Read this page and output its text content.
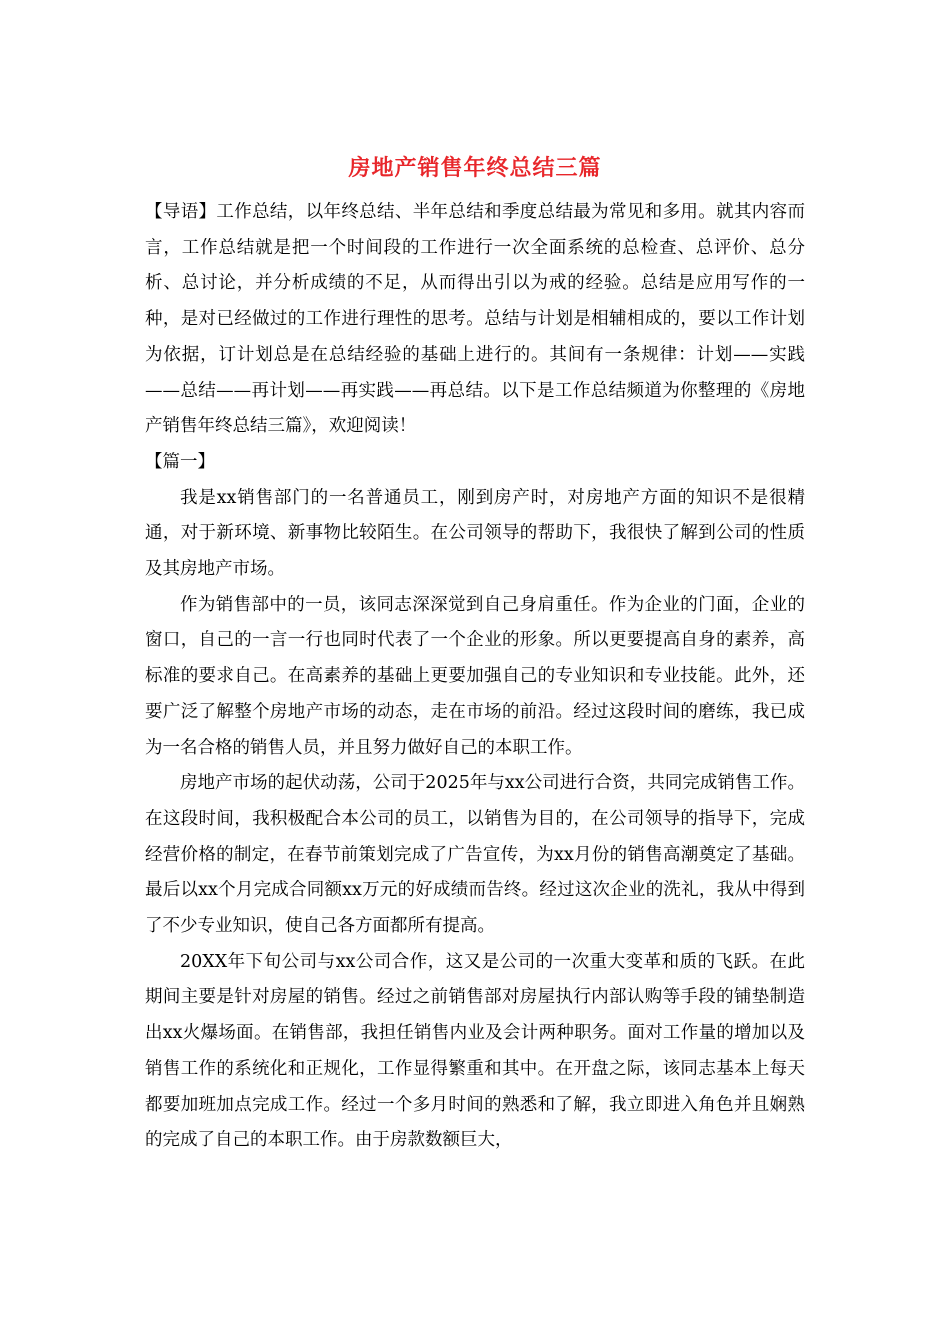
房地产销售年终总结三篇

【导语】工作总结，以年终总结、半年总结和季度总结最为常见和多用。就其内容而言，工作总结就是把一个时间段的工作进行一次全面系统的总检查、总评价、总分析、总讨论，并分析成绩的不足，从而得出引以为戒的经验。总结是应用写作的一种，是对已经做过的工作进行理性的思考。总结与计划是相辅相成的，要以工作计划为依据，订计划总是在总结经验的基础上进行的。其间有一条规律：计划——实践——总结——再计划——再实践——再总结。以下是工作总结频道为你整理的《房地产销售年终总结三篇》，欢迎阅读！

【篇一】

我是xx销售部门的一名普通员工，刚到房产时，对房地产方面的知识不是很精通，对于新环境、新事物比较陌生。在公司领导的帮助下，我很快了解到公司的性质及其房地产市场。

作为销售部中的一员，该同志深深觉到自己身肩重任。作为企业的门面，企业的窗口，自己的一言一行也同时代表了一个企业的形象。所以更要提高自身的素养，高标准的要求自己。在高素养的基础上更要加强自己的专业知识和专业技能。此外，还要广泛了解整个房地产市场的动态，走在市场的前沿。经过这段时间的磨练，我已成为一名合格的销售人员，并且努力做好自己的本职工作。

房地产市场的起伏动荡，公司于2025年与xx公司进行合资，共同完成销售工作。在这段时间，我积极配合本公司的员工，以销售为目的，在公司领导的指导下，完成经营价格的制定，在春节前策划完成了广告宣传，为xx月份的销售高潮奠定了基础。最后以xx个月完成合同额xx万元的好成绩而告终。经过这次企业的洗礼，我从中得到了不少专业知识，使自己各方面都所有提高。

20XX年下旬公司与xx公司合作，这又是公司的一次重大变革和质的飞跃。在此期间主要是针对房屋的销售。经过之前销售部对房屋执行内部认购等手段的铺垫制造出xx火爆场面。在销售部，我担任销售内业及会计两种职务。面对工作量的增加以及销售工作的系统化和正规化，工作显得繁重和其中。在开盘之际，该同志基本上每天都要加班加点完成工作。经过一个多月时间的熟悉和了解，我立即进入角色并且娴熟的完成了自己的本职工作。由于房款数额巨大，
